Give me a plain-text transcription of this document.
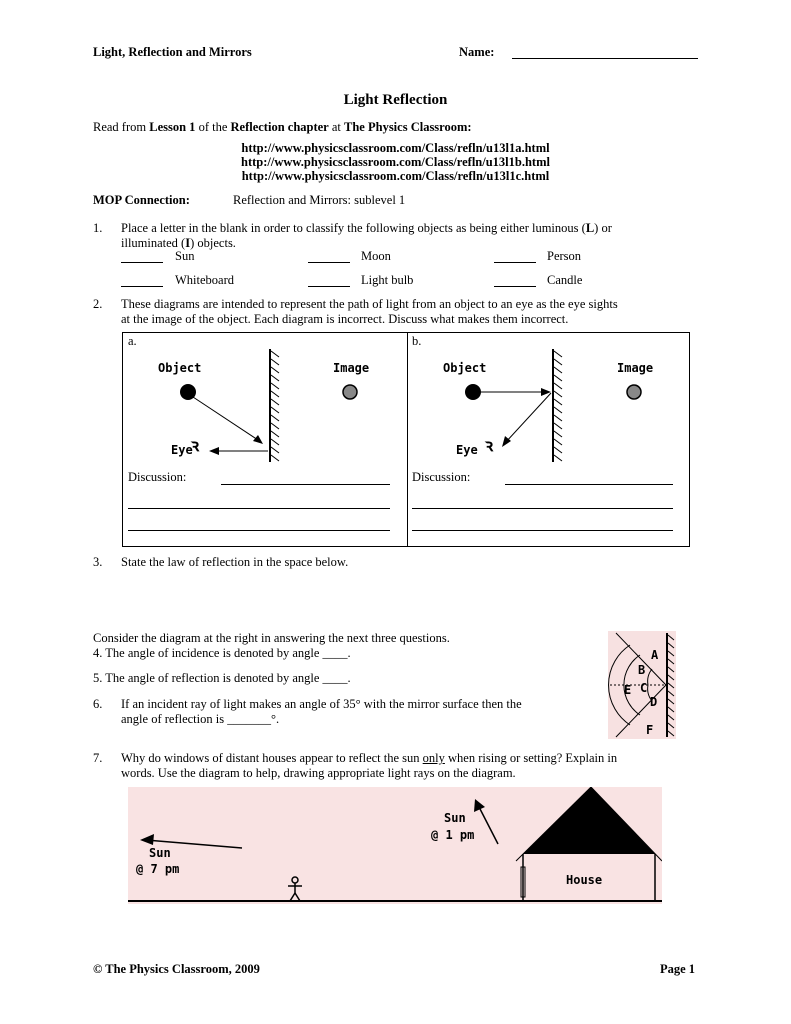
Light, Reflection and Mirrors	Name:
Light Reflection
Read from Lesson 1 of the Reflection chapter at The Physics Classroom:
http://www.physicsclassroom.com/Class/refln/u13l1a.html
http://www.physicsclassroom.com/Class/refln/u13l1b.html
http://www.physicsclassroom.com/Class/refln/u13l1c.html
MOP Connection:	Reflection and Mirrors: sublevel 1
1. Place a letter in the blank in order to classify the following objects as being either luminous (L) or
illuminated (I) objects.
Sun	Moon	Person
Whiteboard	Light bulb	Candle
2. These diagrams are intended to represent the path of light from an object to an eye as the eye sights
at the image of the object. Each diagram is incorrect. Discuss what makes them incorrect.
a.
ꝛ
Object	Image
Eye
Discussion:
b.
ꝛ
Object	Image
Eye
Discussion:
3. State the law of reflection in the space below.
Consider the diagram at the right in answering the next three questions.
4. The angle of incidence is denoted by angle ____.
5. The angle of reflection is denoted by angle ____.
6. If an incident ray of light makes an angle of 35° with the mirror surface then the
angle of reflection is _______°.
A
B
C
D
E
F
7. Why do windows of distant houses appear to reflect the sun only when rising or setting? Explain in
words. Use the diagram to help, drawing appropriate light rays on the diagram.
Sun
@ 7 pm
Sun
@ 1 pm
House
© The Physics Classroom, 2009	Page 1
